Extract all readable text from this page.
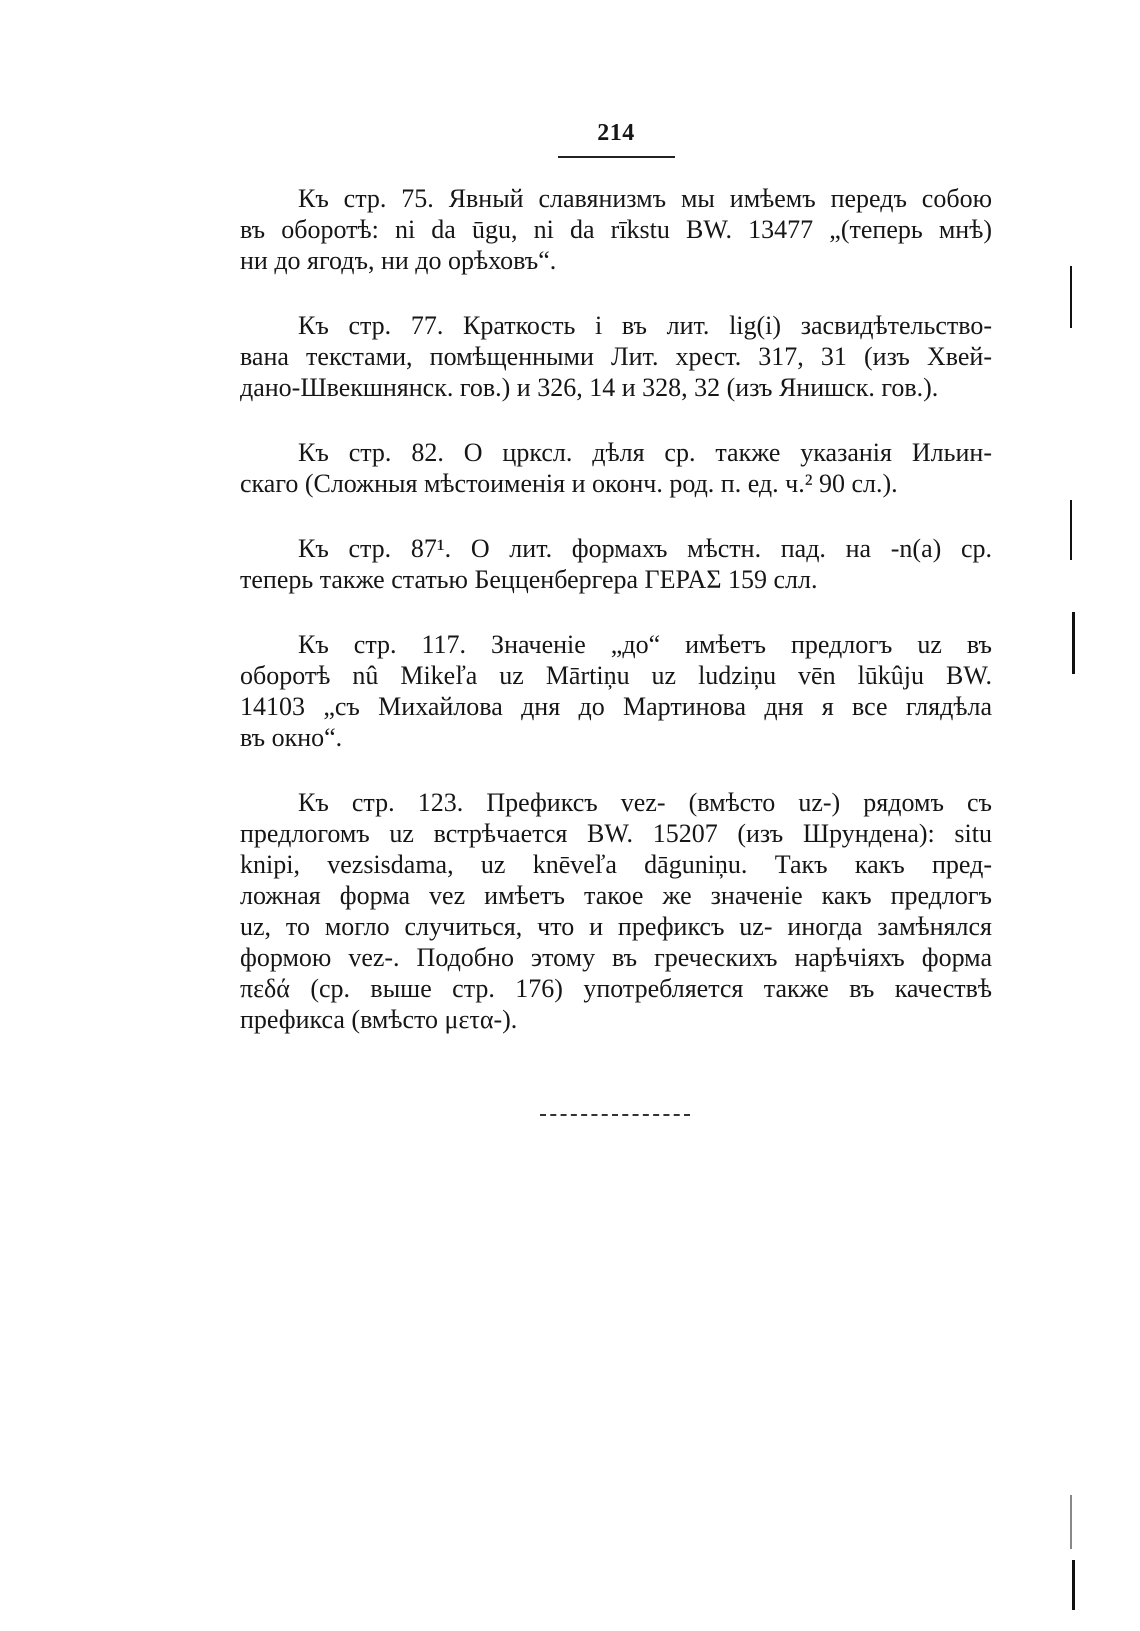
214

Къ стр. 75. Явный славянизмъ мы имѣемъ передъ собою

въ оборотѣ: ni da ūgu, ni da rīkstu BW. 13477 „(теперь мнѣ)

ни до ягодъ, ни до орѣховъ“.

Къ стр. 77. Краткость i въ лит. lig(i) засвидѣтельство-

вана текстами, помѣщенными Лит. хрест. 317, 31 (изъ Хвей-

дано-Швекшнянск. гов.) и 326, 14 и 328, 32 (изъ Янишск. гов.).

Къ стр. 82. О црксл. дѣля ср. также указанія Ильин-

скаго (Сложныя мѣстоименія и оконч. род. п. ед. ч.² 90 сл.).

Къ стр. 87¹. О лит. формахъ мѣстн. пад. на -n(a) ср.

теперь также статью Бецценбергера ΓΕΡΑΣ 159 слл.

Къ стр. 117. Значеніе „до“ имѣетъ предлогъ uz въ

оборотѣ nû Mikeľa uz Mārtiņu uz ludziņu vēn lūkûju BW.

14103 „съ Михайлова дня до Мартинова дня я все глядѣла

въ окно“.

Къ стр. 123. Префиксъ vez- (вмѣсто uz-) рядомъ съ

предлогомъ uz встрѣчается BW. 15207 (изъ Шрундена): situ

knipi, vezsisdama, uz knēveľa dāguniņu. Такъ какъ пред-

ложная форма vez имѣетъ такое же значеніе какъ предлогъ

uz, то могло случиться, что и префиксъ uz- иногда замѣнялся

формою vez-. Подобно этому въ греческихъ нарѣчіяхъ форма

πεδά (ср. выше стр. 176) употребляется также въ качествѣ

префикса (вмѣсто μετα-).
